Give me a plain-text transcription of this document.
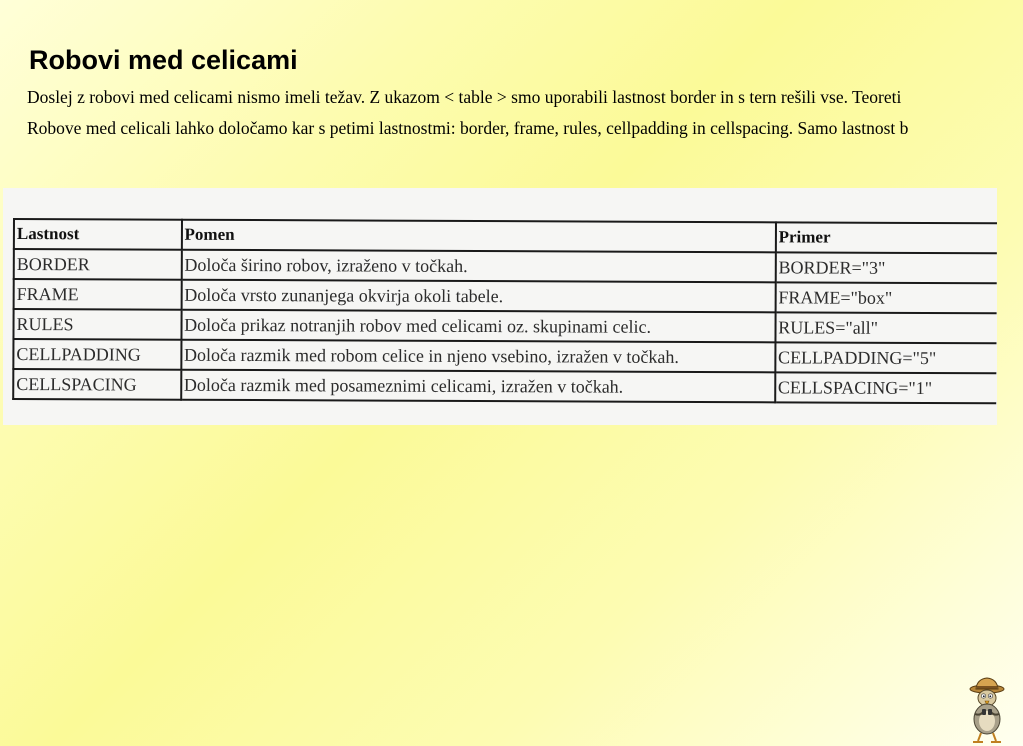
Robovi med celicami

Doslej z robovi med celicami nismo imeli težav. Z ukazom < table > smo uporabili lastnost border in s tern rešili vse. Teoreti

Robove med celicali lahko določamo kar s petimi lastnostmi: border, frame, rules, cellpadding in cellspacing. Samo lastnost b

Lastnost	Pomen	Primer
BORDER	Določa širino robov, izraženo v točkah.	BORDER="3"
FRAME	Določa vrsto zunanjega okvirja okoli tabele.	FRAME="box"
RULES	Določa prikaz notranjih robov med celicami oz. skupinami celic.	RULES="all"
CELLPADDING	Določa razmik med robom celice in njeno vsebino, izražen v točkah.	CELLPADDING="5"
CELLSPACING	Določa razmik med posameznimi celicami, izražen v točkah.	CELLSPACING="1"
